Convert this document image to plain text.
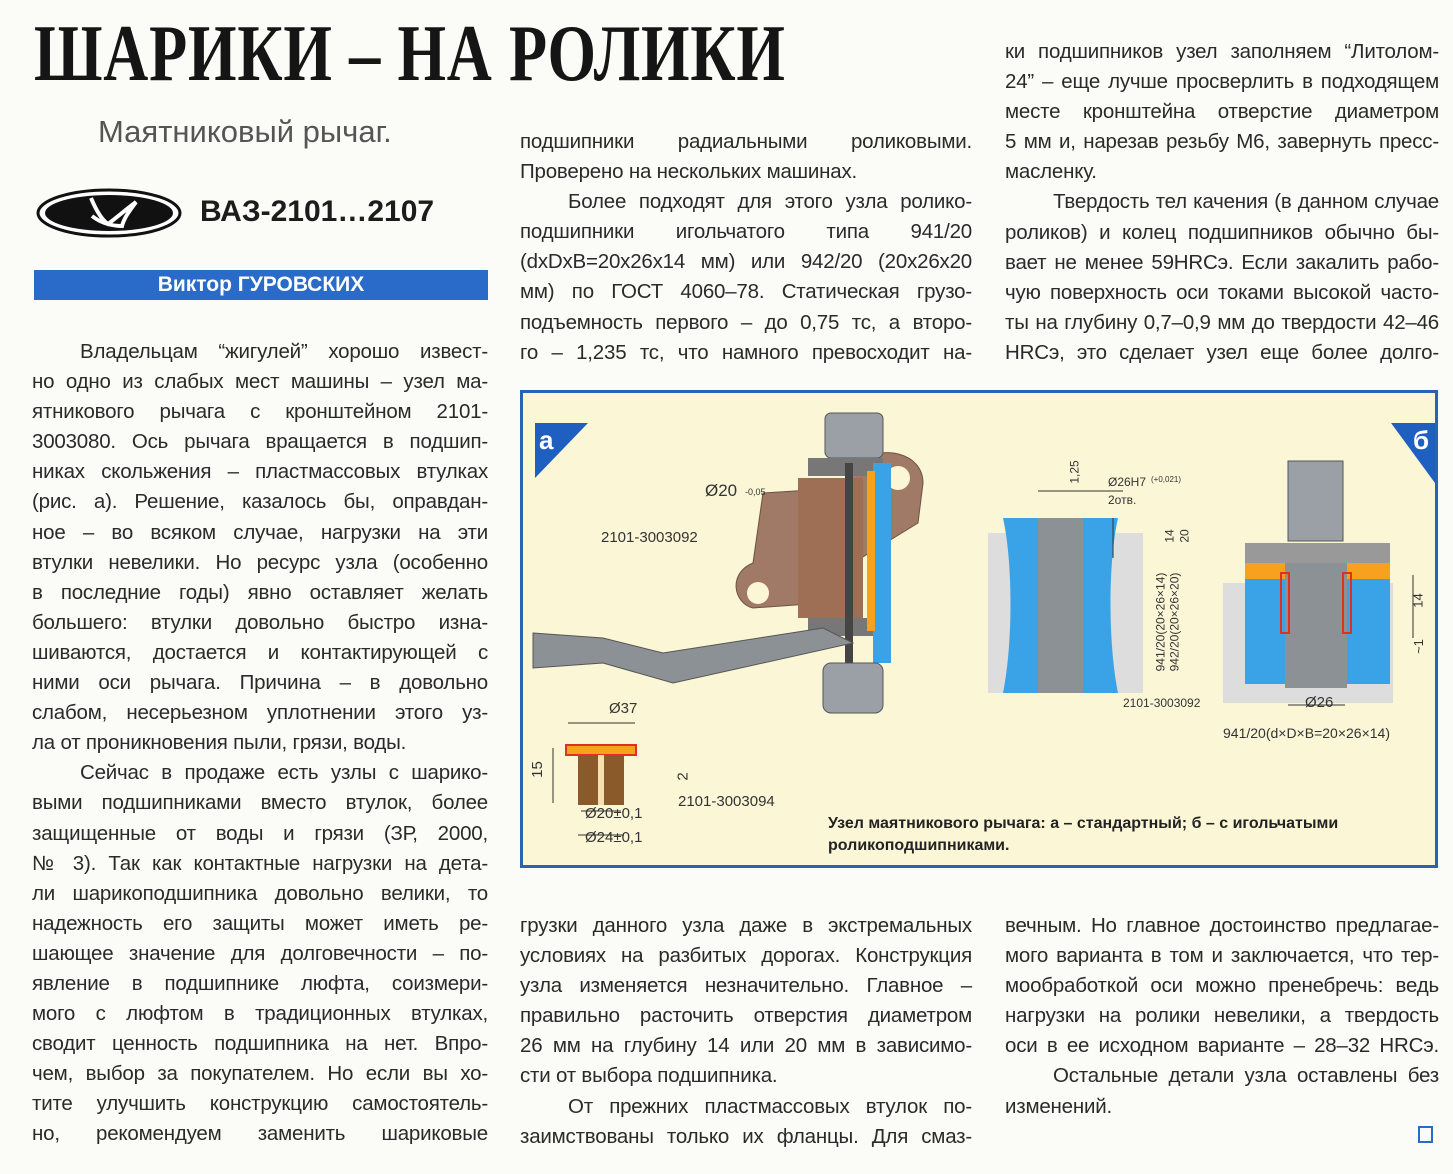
ШАРИКИ – НА РОЛИКИ
Маятниковый рычаг.
ВАЗ-2101…2107
Виктор ГУРОВСКИХ
Владельцам “жигулей” хорошо извест-
но одно из слабых мест машины – узел ма-
ятникового рычага с кронштейном 2101-
3003080. Ось рычага вращается в подшип-
никах скольжения – пластмассовых втулках
(рис. а). Решение, казалось бы, оправдан-
ное – во всяком случае, нагрузки на эти
втулки невелики. Но ресурс узла (особенно
в последние годы) явно оставляет желать
большего: втулки довольно быстро изна-
шиваются, достается и контактирующей с
ними оси рычага. Причина – в довольно
слабом, несерьезном уплотнении этого уз-
ла от проникновения пыли, грязи, воды.
Сейчас в продаже есть узлы с шарико-
выми подшипниками вместо втулок, более
защищенные от воды и грязи (ЗР, 2000,
№ 3). Так как контактные нагрузки на дета-
ли шарикоподшипника довольно велики, то
надежность его защиты может иметь ре-
шающее значение для долговечности – по-
явление в подшипнике люфта, соизмери-
мого с люфтом в традиционных втулках,
сводит ценность подшипника на нет. Впро-
чем, выбор за покупателем. Но если вы хо-
тите улучшить конструкцию самостоятель-
но, рекомендуем заменить шариковые
подшипники радиальными роликовыми.
Проверено на нескольких машинах.
Более подходят для этого узла ролико-
подшипники игольчатого типа 941/20
(dxDxB=20x26x14 мм) или 942/20 (20x26x20
мм) по ГОСТ 4060–78. Статическая грузо-
подъемность первого – до 0,75 тс, а второ-
го – 1,235 тс, что намного превосходит на-
ки подшипников узел заполняем “Литолом-
24” – еще лучше просверлить в подходящем
месте кронштейна отверстие диаметром
5 мм и, нарезав резьбу М6, завернуть пресс-
масленку.
Твердость тел качения (в данном случае
роликов) и колец подшипников обычно бы-
вает не менее 59HRCэ. Если закалить рабо-
чую поверхность оси токами высокой часто-
ты на глубину 0,7–0,9 мм до твердости 42–46
HRCэ, это сделает узел еще более долго-
грузки данного узла даже в экстремальных
условиях на разбитых дорогах. Конструкция
узла изменяется незначительно. Главное –
правильно расточить отверстия диаметром
26 мм на глубину 14 или 20 мм в зависимо-
сти от выбора подшипника.
От прежних пластмассовых втулок по-
заимствованы только их фланцы. Для смаз-
вечным. Но главное достоинство предлагае-
мого варианта в том и заключается, что тер-
мообработкой оси можно пренебречь: ведь
нагрузки на ролики невелики, а твердость
оси в ее исходном варианте – 28–32 HRCэ.
Остальные детали узла оставлены без
изменений.
а	б
Ø20 -0,05
2101-3003092
Ø37
15	2
2101-3003094
Ø20±0,1
Ø24±0,1
1,25 Ø26H7 (+0,021)
2отв.
14 20
941/20(20×26×14) 942/20(20×26×20)
2101-3003092
14
~1
Ø26
941/20(d×D×B=20×26×14)
Узел маятникового рычага: а – стандартный; б – с игольчатыми
роликоподшипниками.
